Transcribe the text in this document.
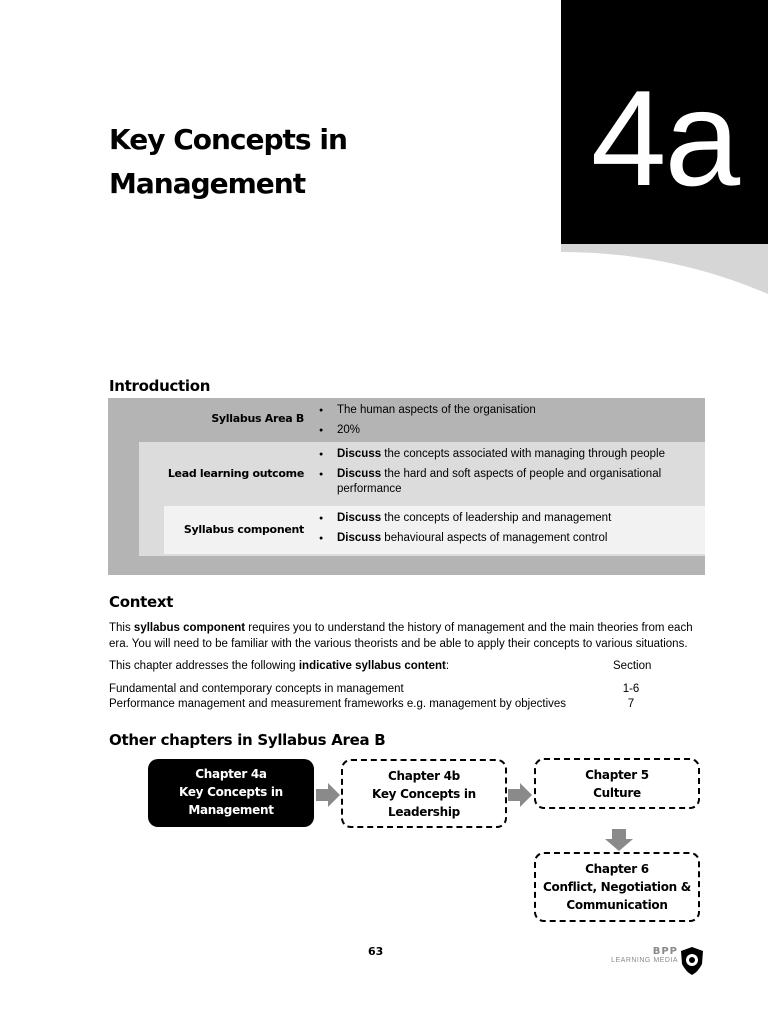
4a
Key Concepts in
Management
Introduction
Syllabus Area B
● The human aspects of the organisation
● 20%
Lead learning outcome
● Discuss the concepts associated with managing through people
● Discuss the hard and soft aspects of people and organisational performance
Syllabus component
● Discuss the concepts of leadership and management
● Discuss behavioural aspects of management control
Context
This syllabus component requires you to understand the history of management and the main theories from each era. You will need to be familiar with the various theorists and be able to apply their concepts to various situations.
This chapter addresses the following indicative syllabus content:	Section
Fundamental and contemporary concepts in management	1-6
Performance management and measurement frameworks e.g. management by objectives	7
Other chapters in Syllabus Area B
Chapter 4a
Key Concepts in
Management
Chapter 4b
Key Concepts in
Leadership
Chapter 5
Culture
Chapter 6
Conflict, Negotiation &
Communication
63	BPP
LEARNING MEDIA
